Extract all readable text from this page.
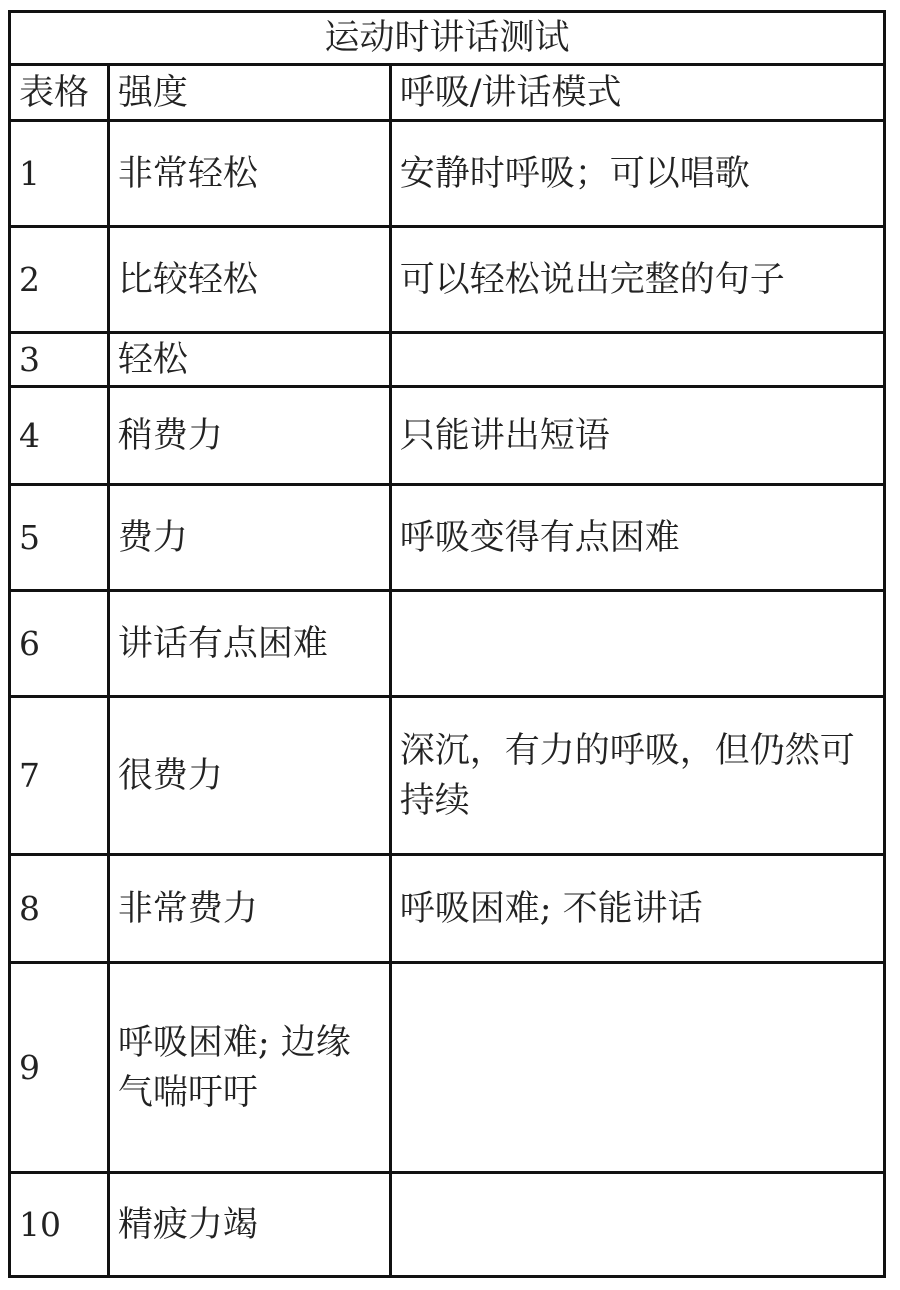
运动时讲话测试		
表格	强度	呼吸/讲话模式
1	非常轻松	安静时呼吸；可以唱歌
2	比较轻松	可以轻松说出完整的句子
3	轻松	
4	稍费力	只能讲出短语
5	费力	呼吸变得有点困难
6	讲话有点困难	
7	很费力	深沉，有力的呼吸，但仍然可持续
8	非常费力	呼吸困难; 不能讲话
9	呼吸困难; 边缘气喘吁吁	
10	精疲力竭	
